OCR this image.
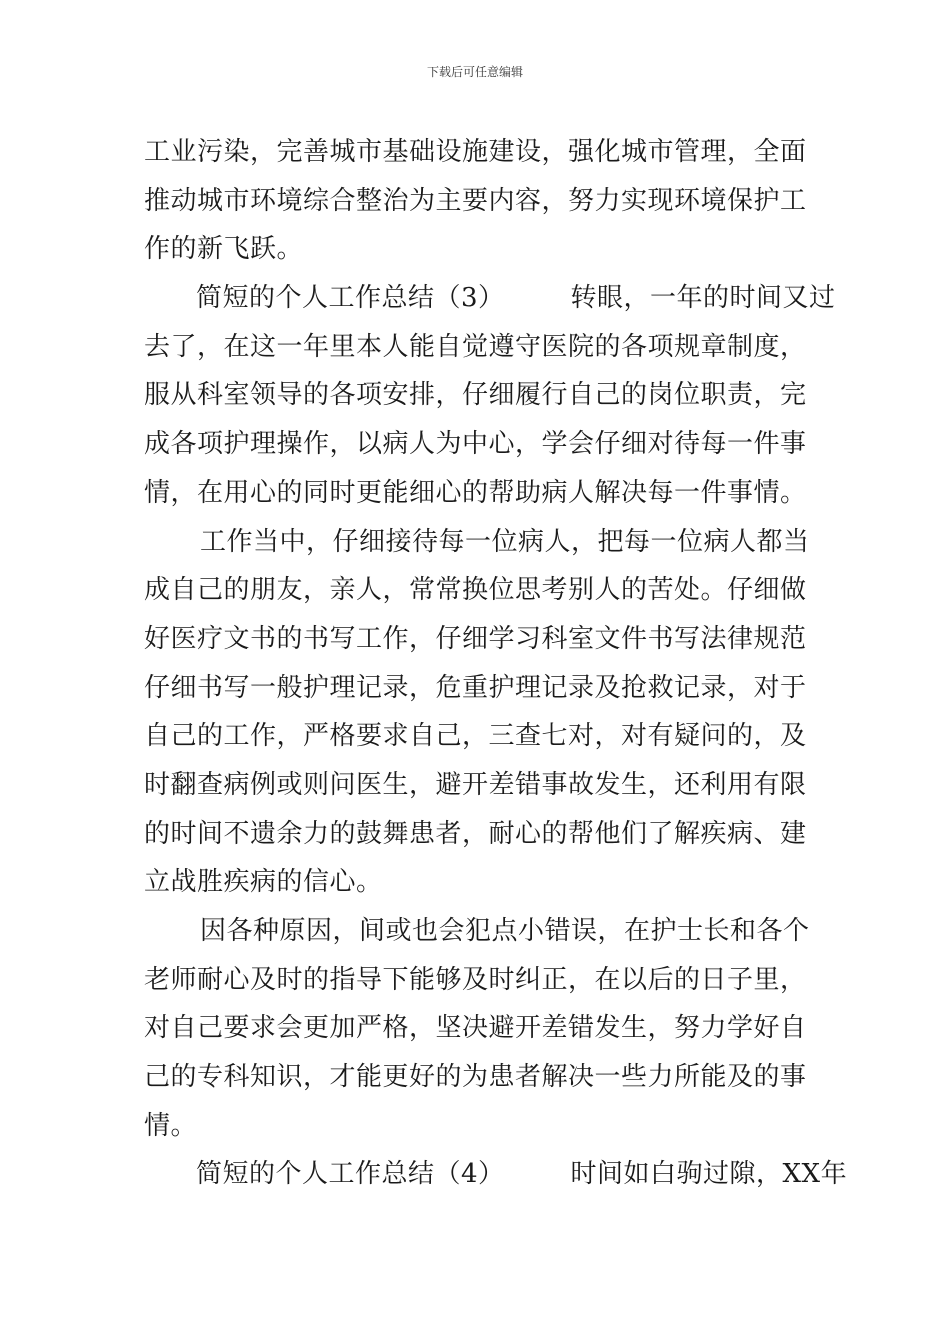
下载后可任意编辑
工业污染，完善城市基础设施建设，强化城市管理，全面
推动城市环境综合整治为主要内容，努力实现环境保护工
作的新飞跃。
简短的个人工作总结（3）	转眼，一年的时间又过
去了，在这一年里本人能自觉遵守医院的各项规章制度，
服从科室领导的各项安排，仔细履行自己的岗位职责，完
成各项护理操作，以病人为中心，学会仔细对待每一件事
情，在用心的同时更能细心的帮助病人解决每一件事情。
工作当中，仔细接待每一位病人，把每一位病人都当
成自己的朋友，亲人，常常换位思考别人的苦处。仔细做
好医疗文书的书写工作，仔细学习科室文件书写法律规范
仔细书写一般护理记录，危重护理记录及抢救记录，对于
自己的工作，严格要求自己，三查七对，对有疑问的，及
时翻查病例或则问医生，避开差错事故发生，还利用有限
的时间不遗余力的鼓舞患者，耐心的帮他们了解疾病、建
立战胜疾病的信心。
因各种原因，间或也会犯点小错误，在护士长和各个
老师耐心及时的指导下能够及时纠正，在以后的日子里，
对自己要求会更加严格，坚决避开差错发生，努力学好自
己的专科知识，才能更好的为患者解决一些力所能及的事
情。
简短的个人工作总结（4）	时间如白驹过隙，XX年
